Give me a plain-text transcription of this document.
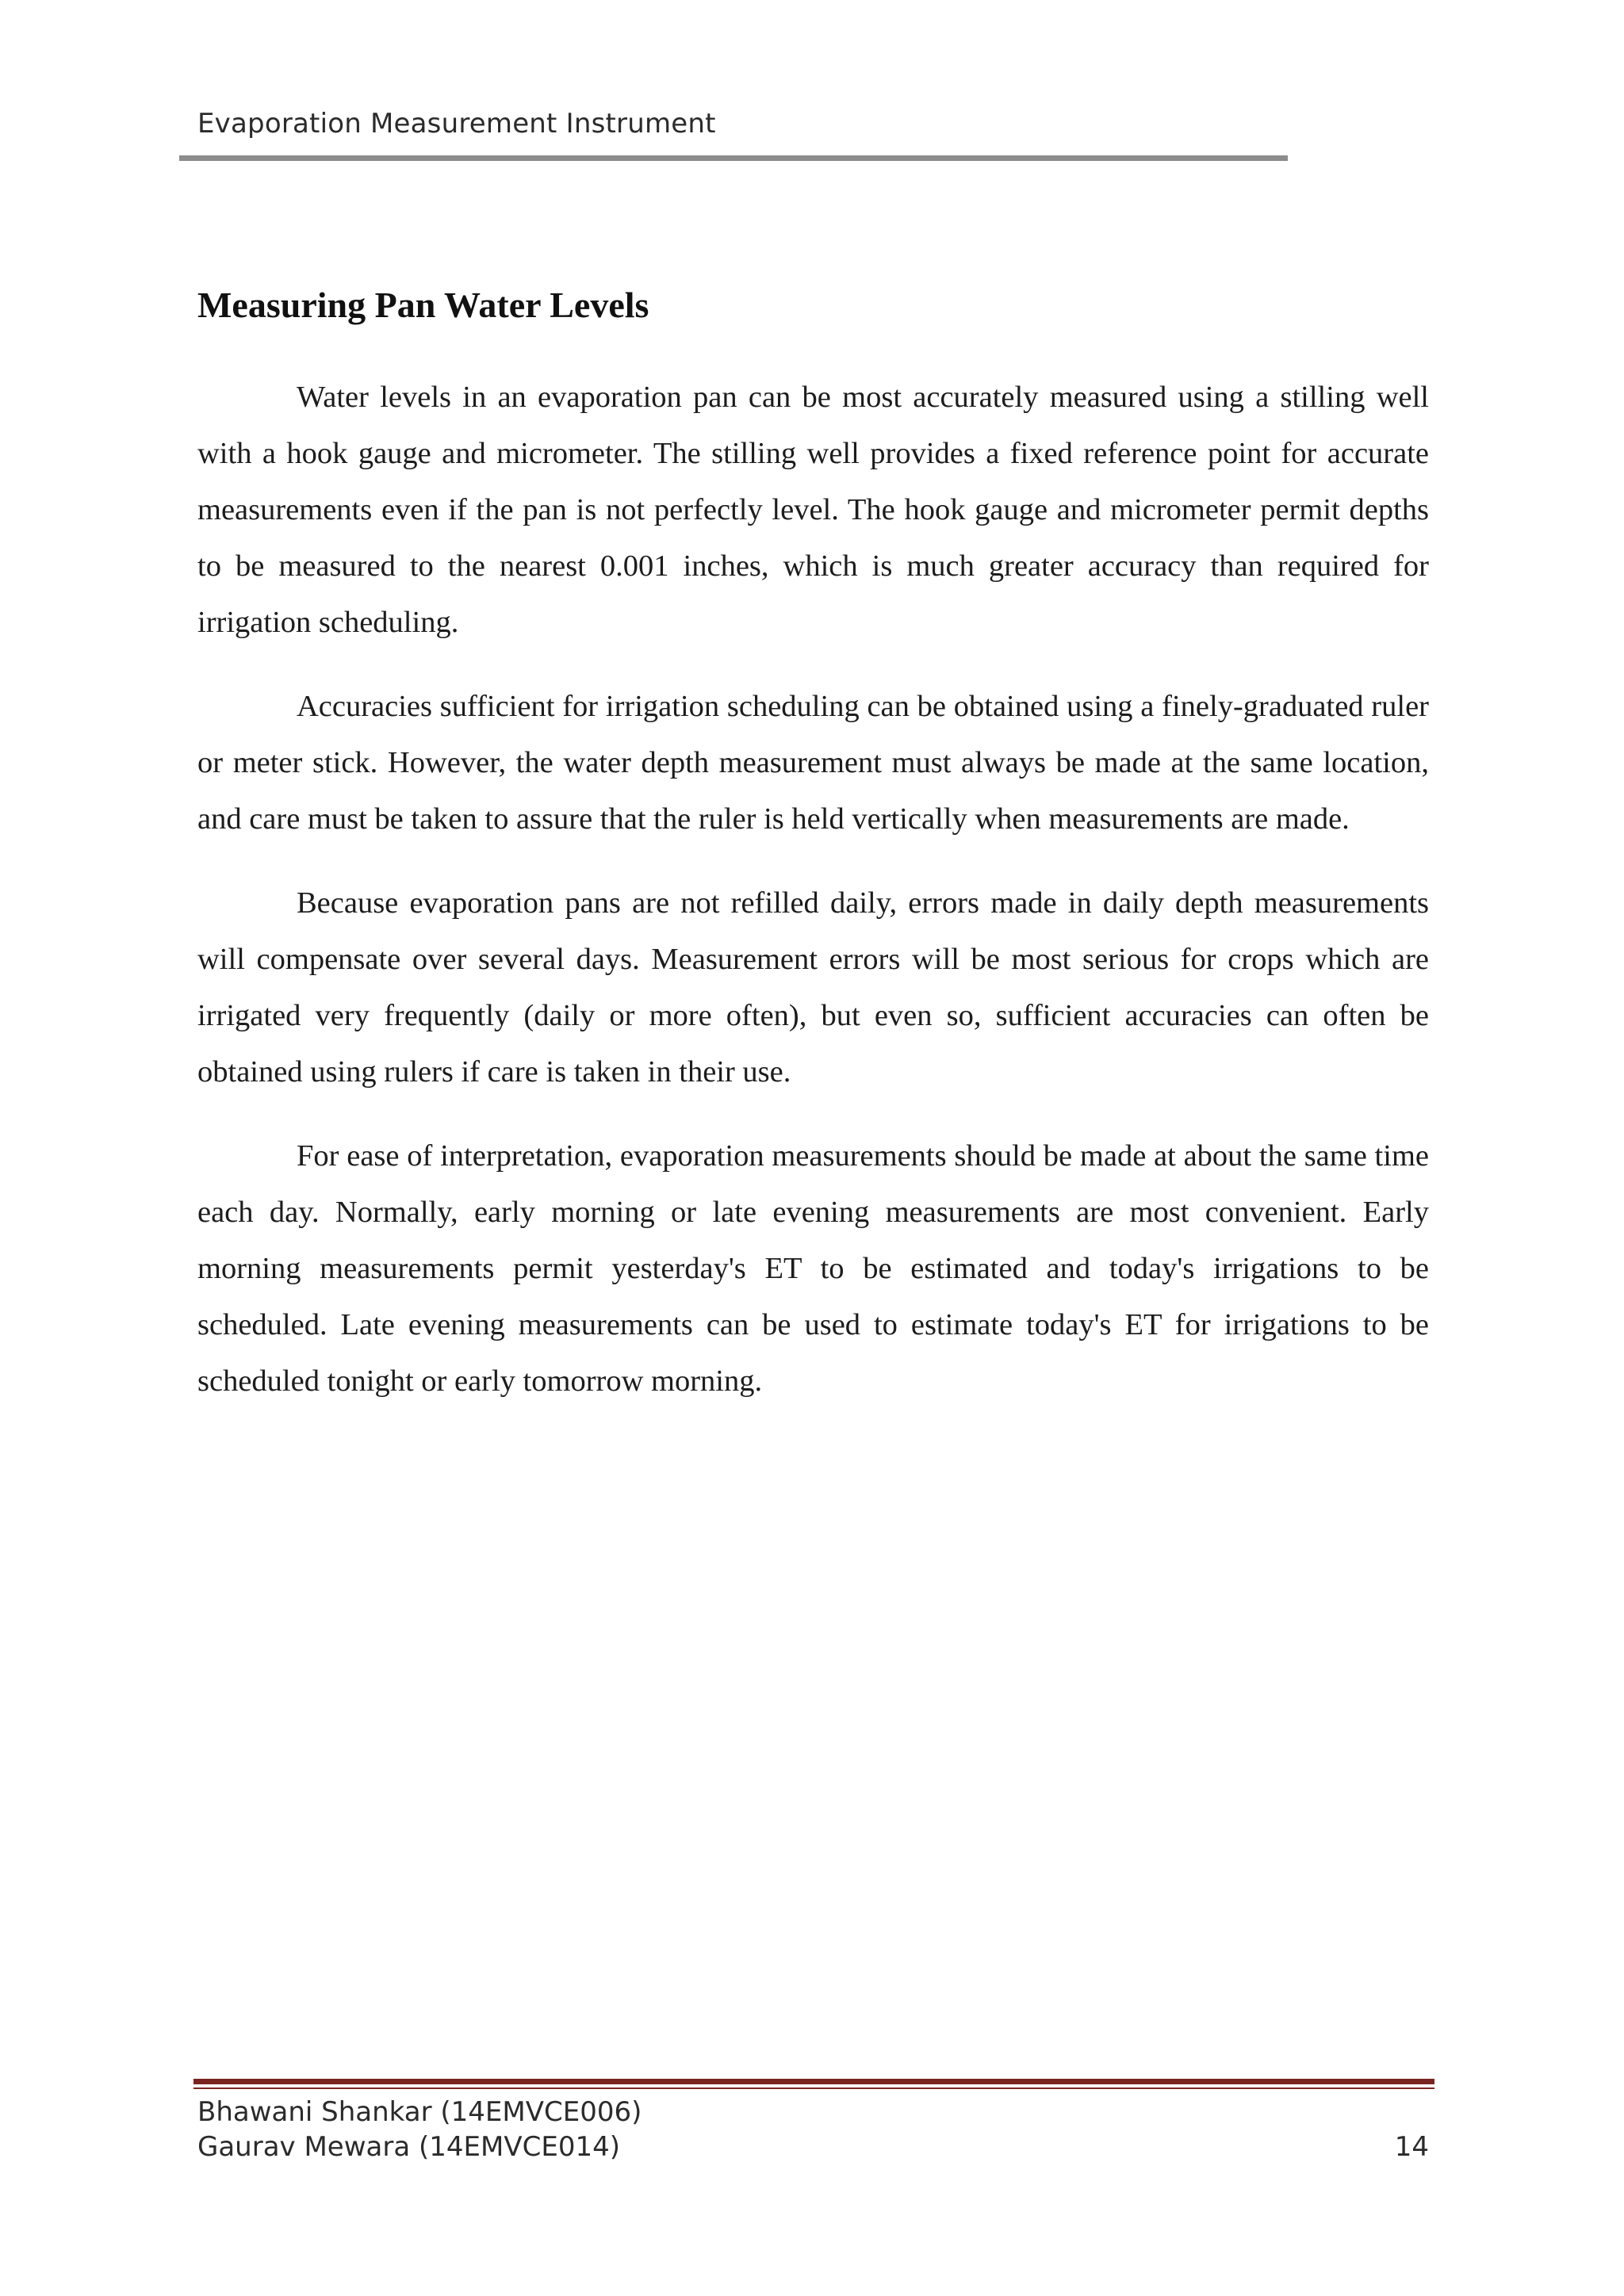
Evaporation Measurement Instrument
Measuring Pan Water Levels

Water levels in an evaporation pan can be most accurately measured using a stilling well with a hook gauge and micrometer. The stilling well provides a fixed reference point for accurate measurements even if the pan is not perfectly level. The hook gauge and micrometer permit depths to be measured to the nearest 0.001 inches, which is much greater accuracy than required for irrigation scheduling.

Accuracies sufficient for irrigation scheduling can be obtained using a finely-graduated ruler or meter stick. However, the water depth measurement must always be made at the same location, and care must be taken to assure that the ruler is held vertically when measurements are made.

Because evaporation pans are not refilled daily, errors made in daily depth measurements will compensate over several days. Measurement errors will be most serious for crops which are irrigated very frequently (daily or more often), but even so, sufficient accuracies can often be obtained using rulers if care is taken in their use.

For ease of interpretation, evaporation measurements should be made at about the same time each day. Normally, early morning or late evening measurements are most convenient. Early morning measurements permit yesterday's ET to be estimated and today's irrigations to be scheduled. Late evening measurements can be used to estimate today's ET for irrigations to be scheduled tonight or early tomorrow morning.

Bhawani Shankar (14EMVCE006)
Gaurav Mewara (14EMVCE014)	14
